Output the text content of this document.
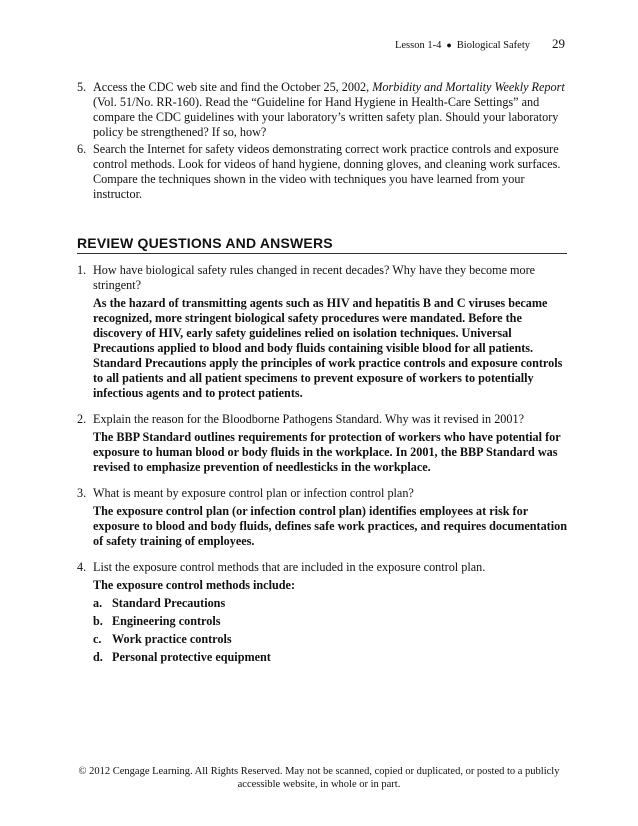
Lesson 1-4 ● Biological Safety 29
5. Access the CDC web site and find the October 25, 2002, Morbidity and Mortality Weekly Report (Vol. 51/No. RR-160). Read the “Guideline for Hand Hygiene in Health-Care Settings” and compare the CDC guidelines with your laboratory’s written safety plan. Should your laboratory policy be strengthened? If so, how?
6. Search the Internet for safety videos demonstrating correct work practice controls and exposure control methods. Look for videos of hand hygiene, donning gloves, and cleaning work surfaces. Compare the techniques shown in the video with techniques you have learned from your instructor.
REVIEW QUESTIONS AND ANSWERS
1. How have biological safety rules changed in recent decades? Why have they become more stringent?
As the hazard of transmitting agents such as HIV and hepatitis B and C viruses became recognized, more stringent biological safety procedures were mandated. Before the discovery of HIV, early safety guidelines relied on isolation techniques. Universal Precautions applied to blood and body fluids containing visible blood for all patients. Standard Precautions apply the principles of work practice controls and exposure controls to all patients and all patient specimens to prevent exposure of workers to potentially infectious agents and to protect patients.
2. Explain the reason for the Bloodborne Pathogens Standard. Why was it revised in 2001?
The BBP Standard outlines requirements for protection of workers who have potential for exposure to human blood or body fluids in the workplace. In 2001, the BBP Standard was revised to emphasize prevention of needlesticks in the workplace.
3. What is meant by exposure control plan or infection control plan?
The exposure control plan (or infection control plan) identifies employees at risk for exposure to blood and body fluids, defines safe work practices, and requires documentation of safety training of employees.
4. List the exposure control methods that are included in the exposure control plan.
The exposure control methods include:
a. Standard Precautions
b. Engineering controls
c. Work practice controls
d. Personal protective equipment
© 2012 Cengage Learning. All Rights Reserved. May not be scanned, copied or duplicated, or posted to a publicly
accessible website, in whole or in part.
